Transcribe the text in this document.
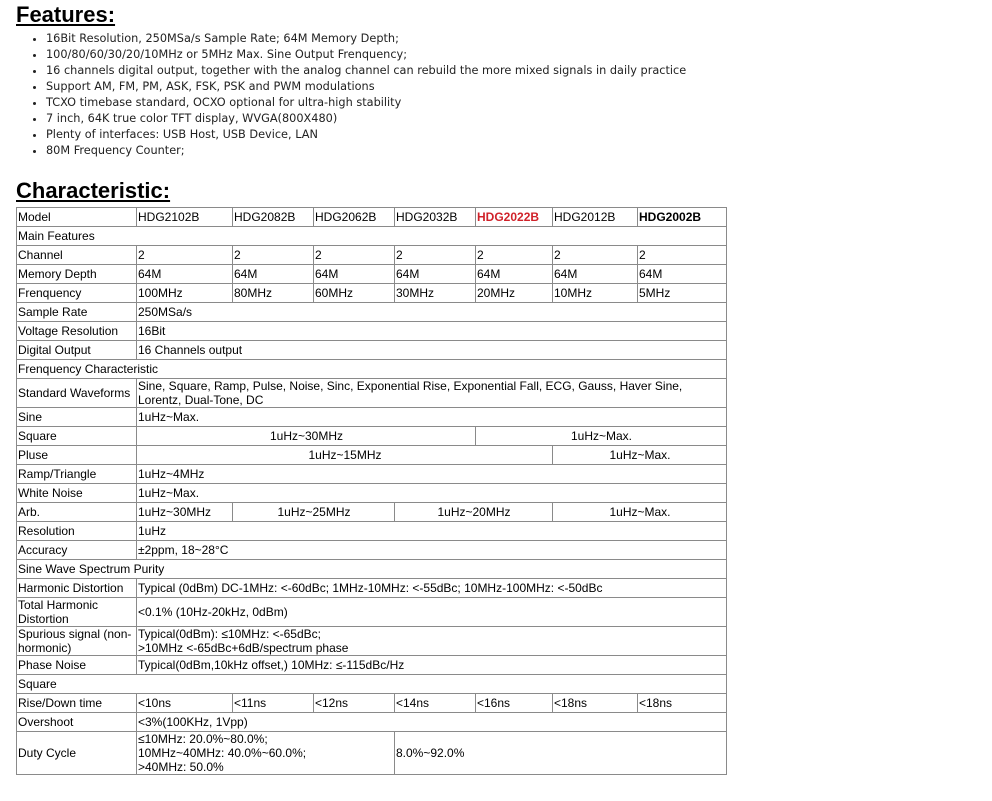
Features:
• 16Bit Resolution, 250MSa/s Sample Rate; 64M Memory Depth;
• 100/80/60/30/20/10MHz or 5MHz Max. Sine Output Frenquency;
• 16 channels digital output, together with the analog channel can rebuild the more mixed signals in daily practice
• Support AM, FM, PM, ASK, FSK, PSK and PWM modulations
• TCXO timebase standard, OCXO optional for ultra-high stability
• 7 inch, 64K true color TFT display, WVGA(800X480)
• Plenty of interfaces: USB Host, USB Device, LAN
• 80M Frequency Counter;
Characteristic:
Model	HDG2102B	HDG2082B	HDG2062B	HDG2032B	HDG2022B	HDG2012B	HDG2002B
Main Features							
Channel	2	2	2	2	2	2	2
Memory Depth	64M	64M	64M	64M	64M	64M	64M
Frenquency	100MHz	80MHz	60MHz	30MHz	20MHz	10MHz	5MHz
Sample Rate	250MSa/s						
Voltage Resolution	16Bit						
Digital Output	16 Channels output						
Frenquency Characteristic							
Standard Waveforms	Sine, Square, Ramp, Pulse, Noise, Sinc, Exponential Rise, Exponential Fall, ECG, Gauss, Haver Sine, Lorentz, Dual-Tone, DC						
Sine	1uHz~Max.						
Square	1uHz~30MHz				1uHz~Max.		
Pluse	1uHz~15MHz					1uHz~Max.	
Ramp/Triangle	1uHz~4MHz						
White Noise	1uHz~Max.						
Arb.	1uHz~30MHz	1uHz~25MHz		1uHz~20MHz		1uHz~Max.	
Resolution	1uHz						
Accuracy	±2ppm, 18~28°C						
Sine Wave Spectrum Purity							
Harmonic Distortion	Typical (0dBm) DC-1MHz: <-60dBc; 1MHz-10MHz: <-55dBc; 10MHz-100MHz: <-50dBc						
Total Harmonic Distortion	<0.1% (10Hz-20kHz, 0dBm)						
Spurious signal (non-hormonic)	Typical(0dBm): ≤10MHz: <-65dBc;
>10MHz <-65dBc+6dB/spectrum phase						

Phase Noise	Typical(0dBm,10kHz offset,) 10MHz: ≤-115dBc/Hz						
Square							
Rise/Down time	<10ns	<11ns	<12ns	<14ns	<16ns	<18ns	<18ns
Overshoot	<3%(100KHz, 1Vpp)						
Duty Cycle	≤10MHz: 20.0%~80.0%;
10MHz~40MHz: 40.0%~60.0%;
>40MHz: 50.0%			8.0%~92.0%			
